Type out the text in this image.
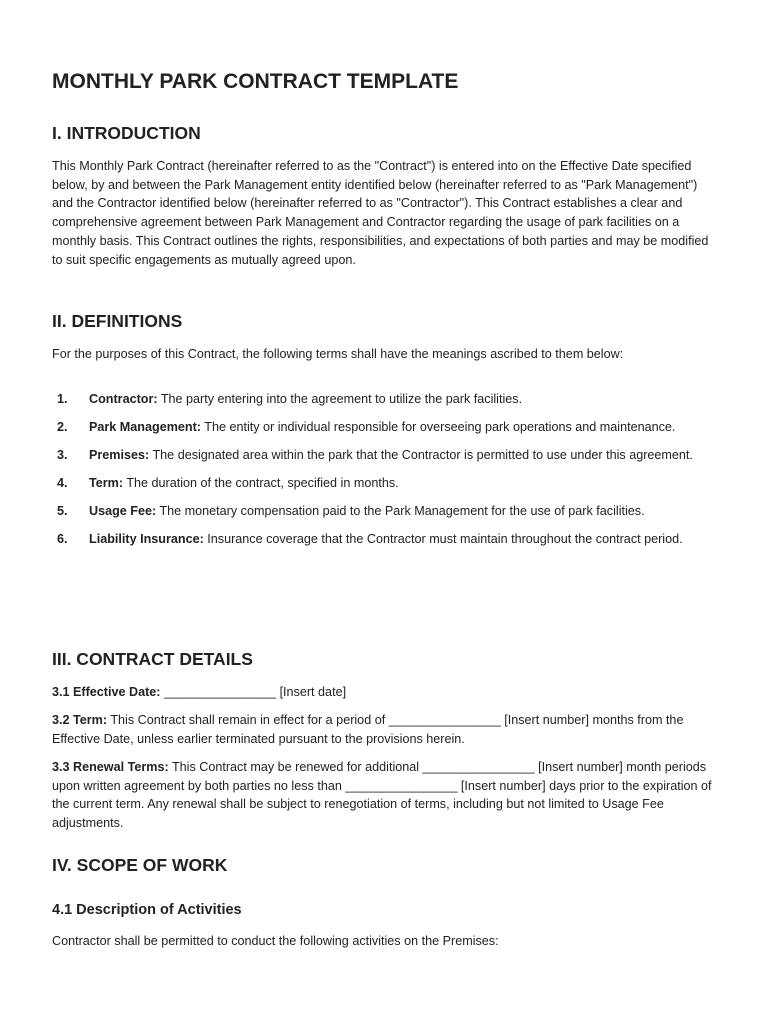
MONTHLY PARK CONTRACT TEMPLATE
I. INTRODUCTION

This Monthly Park Contract (hereinafter referred to as the "Contract") is entered into on the Effective Date specified below, by and between the Park Management entity identified below (hereinafter referred to as "Park Management") and the Contractor identified below (hereinafter referred to as "Contractor"). This Contract establishes a clear and comprehensive agreement between Park Management and Contractor regarding the usage of park facilities on a monthly basis. This Contract outlines the rights, responsibilities, and expectations of both parties and may be modified to suit specific engagements as mutually agreed upon.

II. DEFINITIONS

For the purposes of this Contract, the following terms shall have the meanings ascribed to them below:

1. Contractor: The party entering into the agreement to utilize the park facilities.
2. Park Management: The entity or individual responsible for overseeing park operations and maintenance.
3. Premises: The designated area within the park that the Contractor is permitted to use under this agreement.
4. Term: The duration of the contract, specified in months.
5. Usage Fee: The monetary compensation paid to the Park Management for the use of park facilities.
6. Liability Insurance: Insurance coverage that the Contractor must maintain throughout the contract period.
III. CONTRACT DETAILS

3.1 Effective Date: ________________ [Insert date]

3.2 Term: This Contract shall remain in effect for a period of ________________ [Insert number] months from the Effective Date, unless earlier terminated pursuant to the provisions herein.

3.3 Renewal Terms: This Contract may be renewed for additional ________________ [Insert number] month periods upon written agreement by both parties no less than ________________ [Insert number] days prior to the expiration of the current term. Any renewal shall be subject to renegotiation of terms, including but not limited to Usage Fee adjustments.

IV. SCOPE OF WORK
4.1 Description of Activities

Contractor shall be permitted to conduct the following activities on the Premises:
